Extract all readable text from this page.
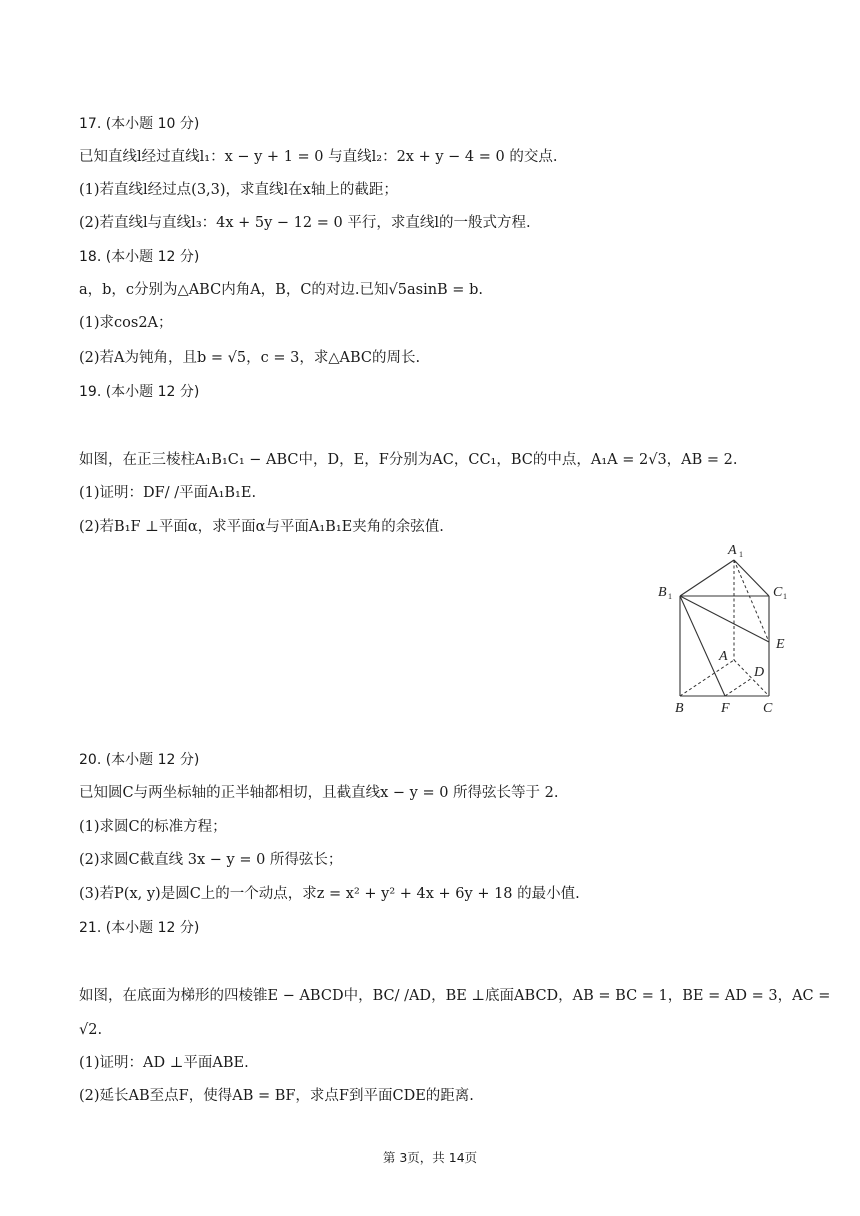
17. (本小题 10 分)
已知直线l经过直线l₁：x − y + 1 = 0 与直线l₂：2x + y − 4 = 0 的交点.
(1)若直线l经过点(3,3)，求直线l在x轴上的截距；
(2)若直线l与直线l₃：4x + 5y − 12 = 0 平行，求直线l的一般式方程.
18. (本小题 12 分)
a，b，c分别为△ABC内角A，B，C的对边.已知√5asinB = b.
(1)求cos2A；
(2)若A为钝角，且b = √5，c = 3，求△ABC的周长.
19. (本小题 12 分)
如图，在正三棱柱A₁B₁C₁ − ABC中，D，E，F分别为AC，CC₁，BC的中点，A₁A = 2√3，AB = 2.
(1)证明：DF/ /平面A₁B₁E.
(2)若B₁F ⊥平面α，求平面α与平面A₁B₁E夹角的余弦值.
A 1
B 1	C 1
E
A
D
B	F C
20. (本小题 12 分)
已知圆C与两坐标轴的正半轴都相切，且截直线x − y = 0 所得弦长等于 2.
(1)求圆C的标准方程；
(2)求圆C截直线 3x − y = 0 所得弦长；
(3)若P(x, y)是圆C上的一个动点，求z = x² + y² + 4x + 6y + 18 的最小值.
21. (本小题 12 分)
如图，在底面为梯形的四棱锥E − ABCD中，BC/ /AD，BE ⊥底面ABCD，AB = BC = 1，BE = AD = 3，AC =
√2.
(1)证明：AD ⊥平面ABE.
(2)延长AB至点F，使得AB = BF，求点F到平面CDE的距离.
第 3页，共 14页
